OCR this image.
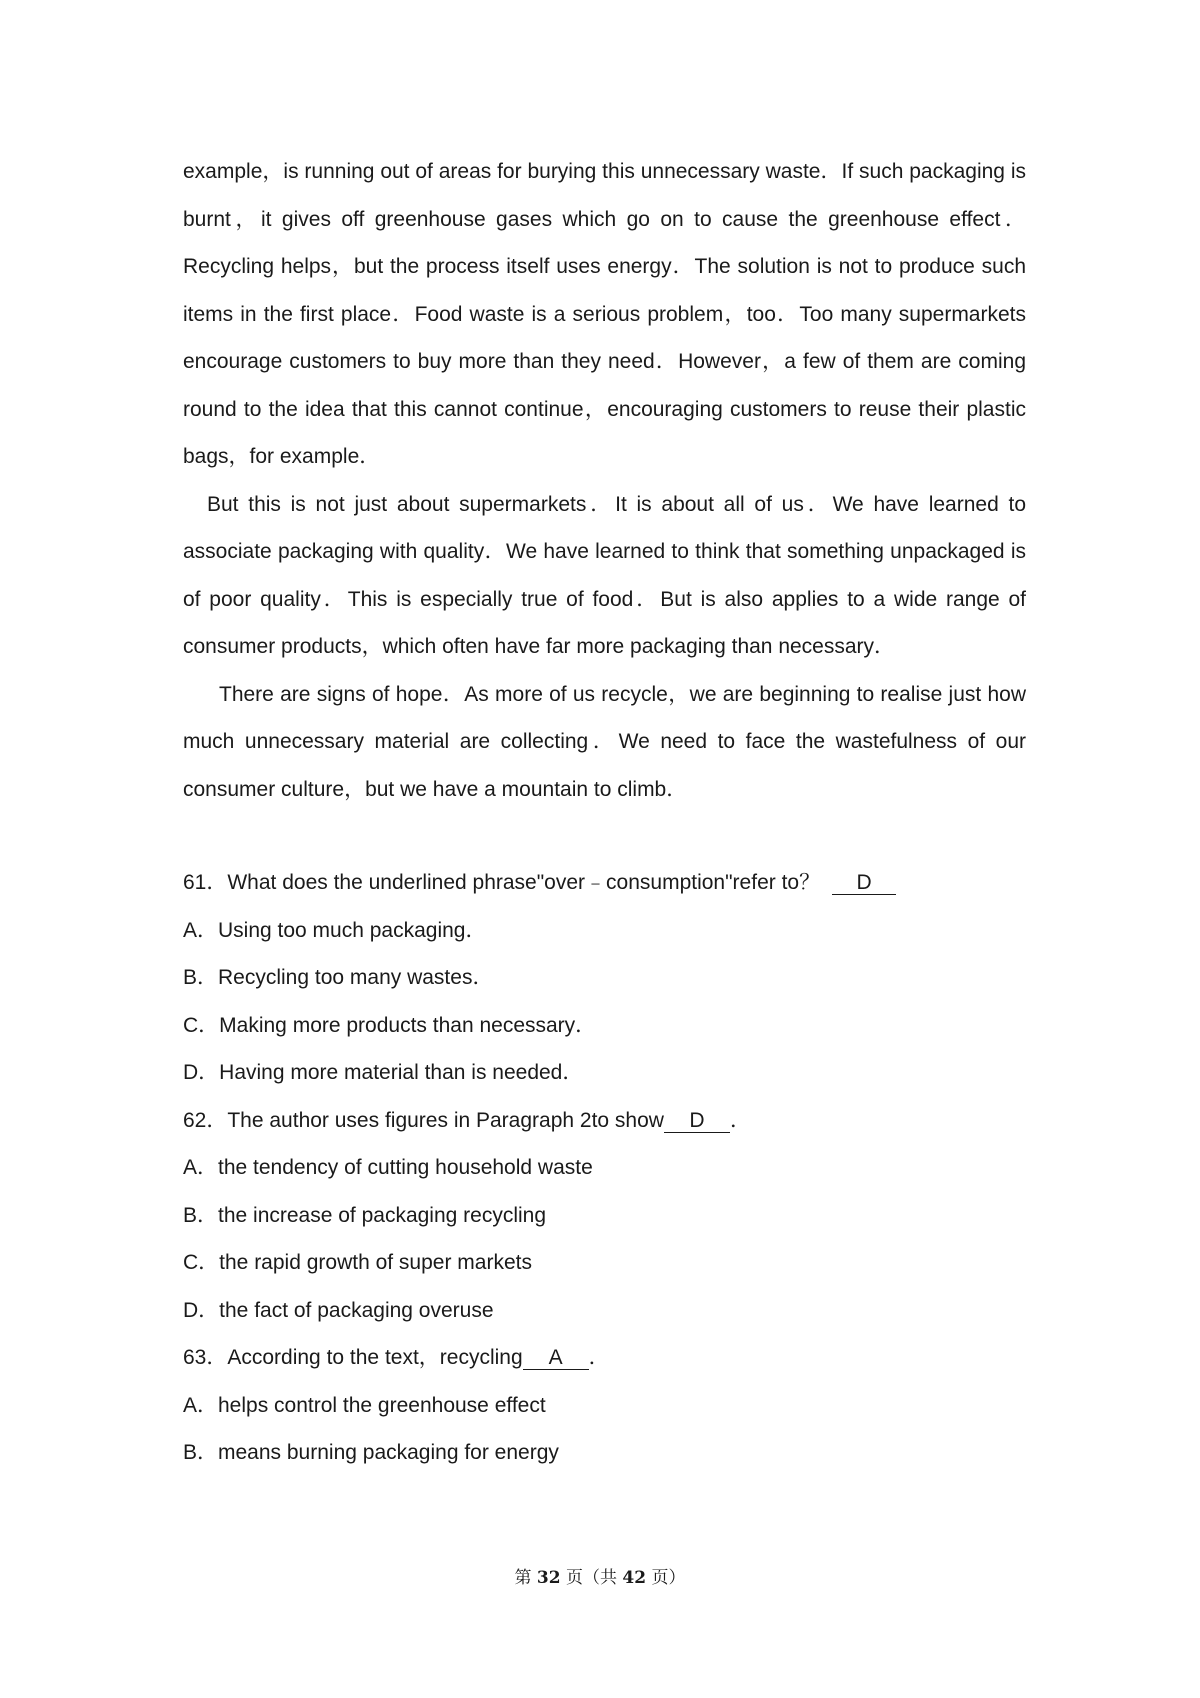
example，is running out of areas for burying this unnecessary waste．If such packaging is burnt，it gives off greenhouse gases which go on to cause the greenhouse effect．Recycling helps，but the process itself uses energy．The solution is not to produce such items in the first place．Food waste is a serious problem，too．Too many supermarkets encourage customers to buy more than they need．However，a few of them are coming round to the idea that this cannot continue，encouraging customers to reuse their plastic bags，for example．

But this is not just about supermarkets．It is about all of us．We have learned to associate packaging with quality．We have learned to think that something unpackaged is of poor quality．This is especially true of food．But is also applies to a wide range of consumer products，which often have far more packaging than necessary．

There are signs of hope．As more of us recycle，we are beginning to realise just how much unnecessary material are collecting．We need to face the wastefulness of our consumer culture，but we have a mountain to climb．

61．What does the underlined phrase"over﹣consumption"refer to？ D

A．Using too much packaging．

B．Recycling too many wastes．

C．Making more products than necessary．

D．Having more material than is needed．

62．The author uses figures in Paragraph 2to show D ．

A．the tendency of cutting household waste

B．the increase of packaging recycling

C．the rapid growth of super markets

D．the fact of packaging overuse

63．According to the text，recycling A ．

A．helps control the greenhouse effect

B．means burning packaging for energy

第 32 页（共 42 页）
